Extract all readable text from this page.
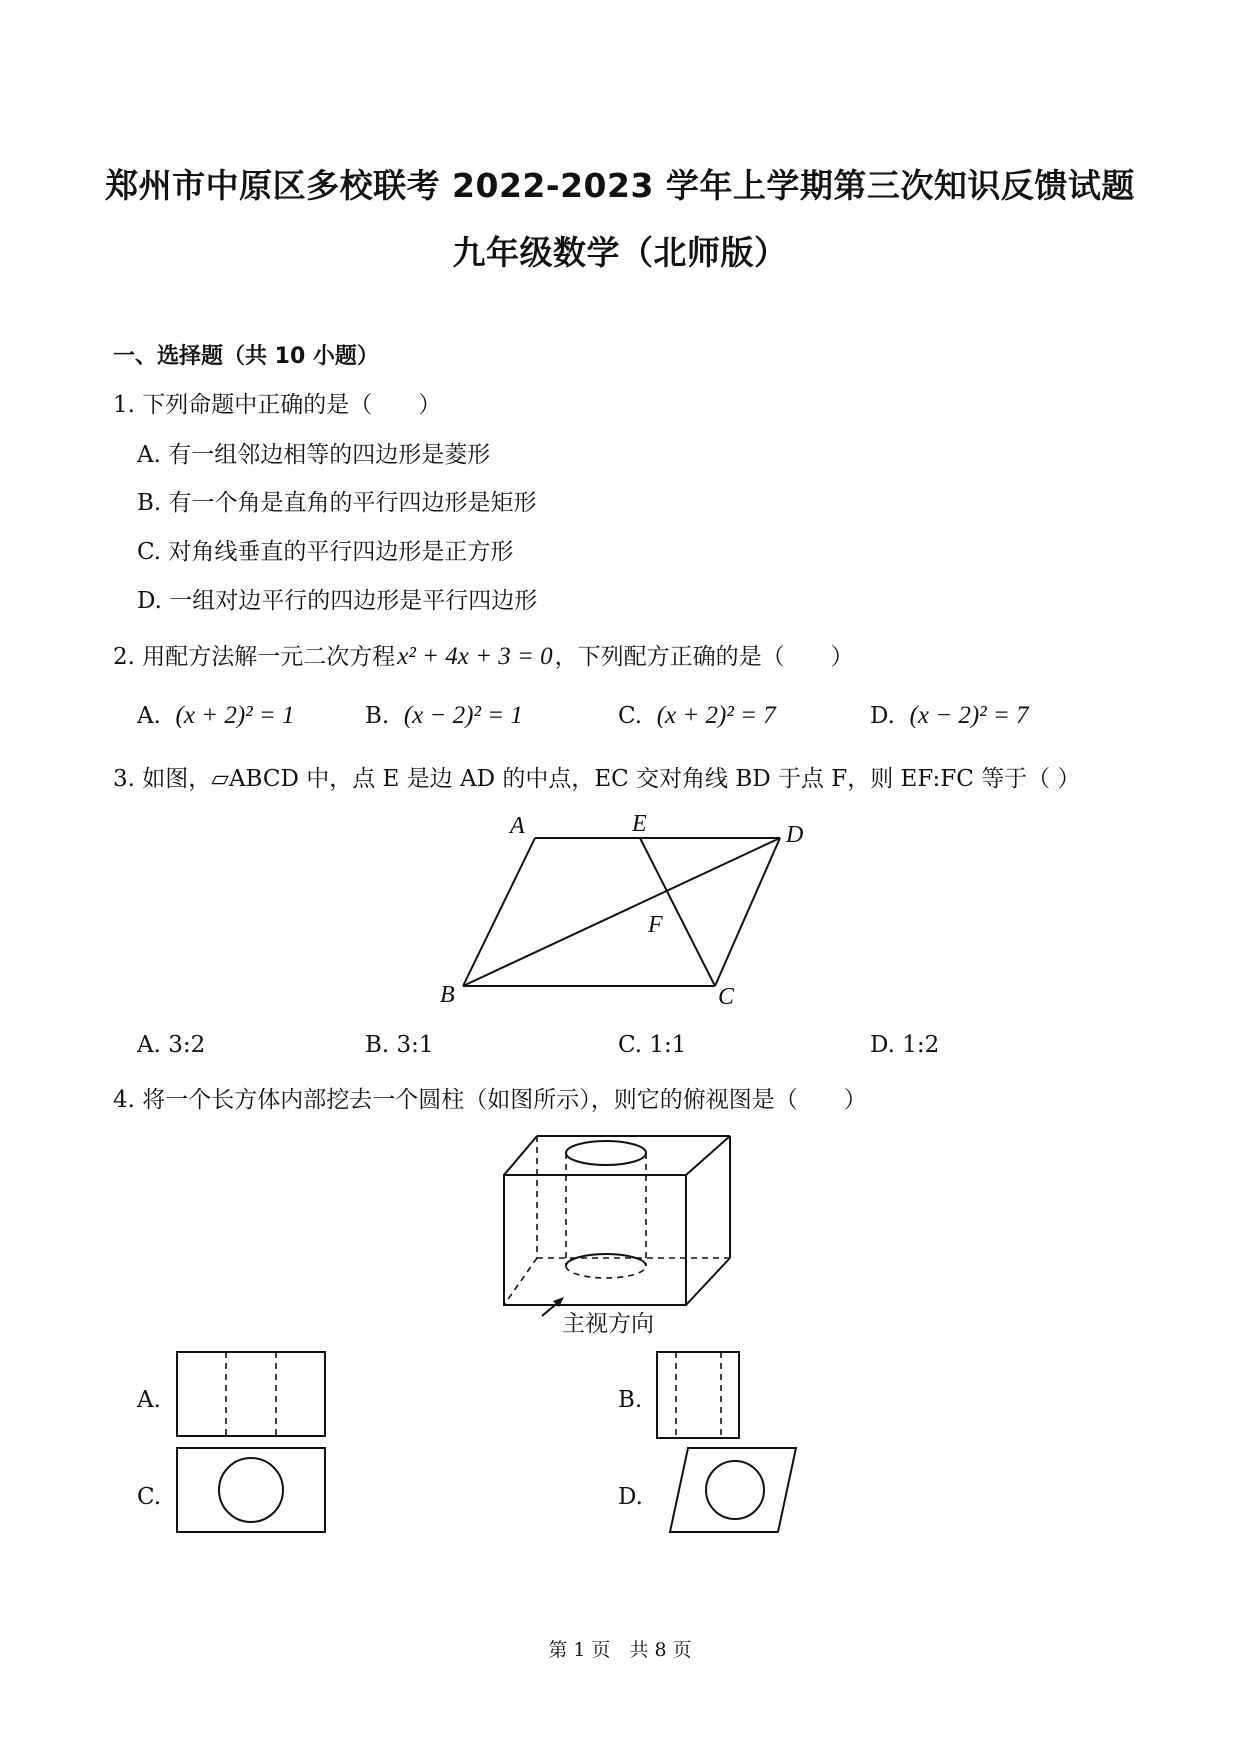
郑州市中原区多校联考 2022-2023 学年上学期第三次知识反馈试题
九年级数学（北师版）
一、选择题（共 10 小题）
1. 下列命题中正确的是（　　）
A. 有一组邻边相等的四边形是菱形
B. 有一个角是直角的平行四边形是矩形
C. 对角线垂直的平行四边形是正方形
D. 一组对边平行的四边形是平行四边形
2. 用配方法解一元二次方程x² + 4x + 3 = 0，下列配方正确的是（　　）
A. (x + 2)² = 1	B. (x − 2)² = 1	C. (x + 2)² = 7	D. (x − 2)² = 7
3. 如图，▱ABCD 中，点 E 是边 AD 的中点，EC 交对角线 BD 于点 F，则 EF:FC 等于（ ）
A	E	D
F
B	C
A. 3:2	B. 3:1	C. 1:1	D. 1:2
4. 将一个长方体内部挖去一个圆柱（如图所示），则它的俯视图是（　　）
主视方向
A.	B.
C.	D.
第 1 页　共 8 页
